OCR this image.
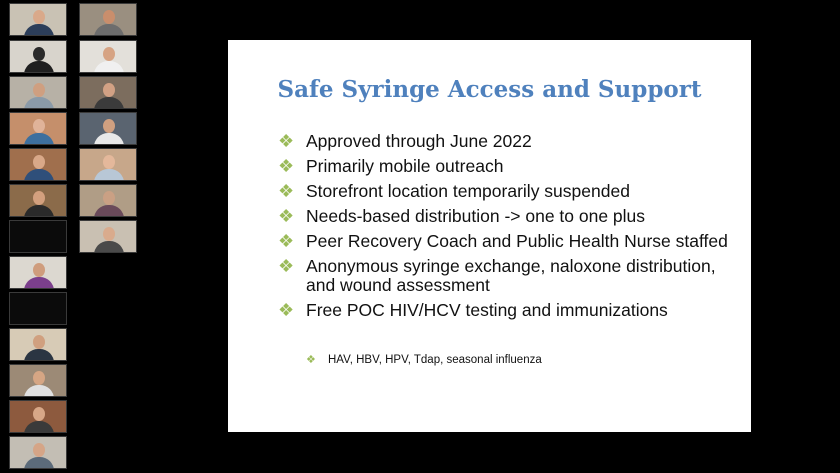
Safe Syringe Access and Support
❖ Approved through June 2022
❖ Primarily mobile outreach
❖ Storefront location temporarily suspended
❖ Needs-based distribution -> one to one plus
❖ Peer Recovery Coach and Public Health Nurse staffed
❖ Anonymous syringe exchange, naloxone distribution, and wound assessment
❖ Free POC HIV/HCV testing and immunizations
❖ HAV, HBV, HPV, Tdap, seasonal influenza
